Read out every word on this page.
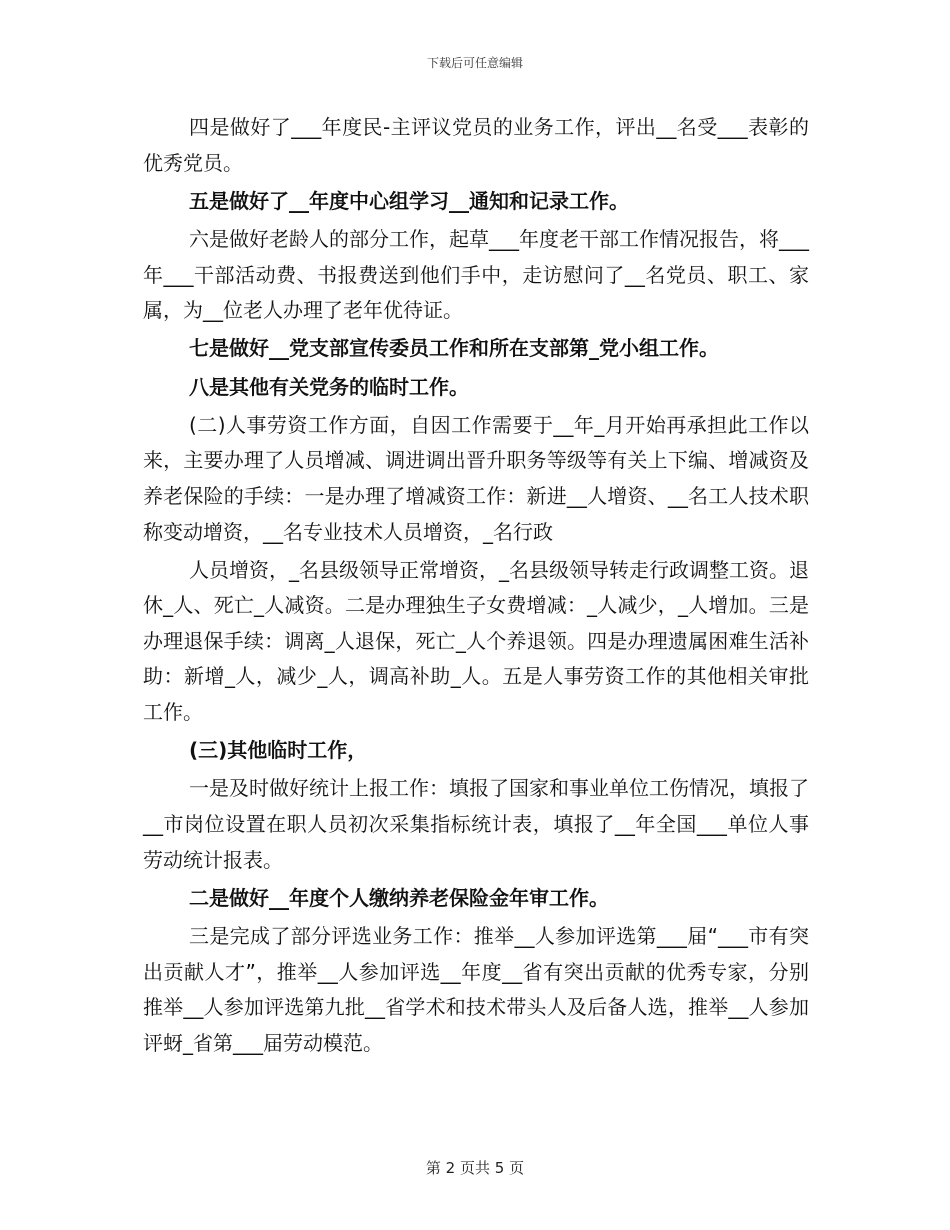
下载后可任意编辑

四是做好了___年度民-主评议党员的业务工作，评出__名受___表彰的优秀党员。

五是做好了__年度中心组学习__通知和记录工作。

六是做好老龄人的部分工作，起草___年度老干部工作情况报告，将___年___干部活动费、书报费送到他们手中，走访慰问了__名党员、职工、家属，为__位老人办理了老年优待证。

七是做好__党支部宣传委员工作和所在支部第_党小组工作。

八是其他有关党务的临时工作。

(二)人事劳资工作方面，自因工作需要于__年_月开始再承担此工作以来，主要办理了人员增减、调进调出晋升职务等级等有关上下编、增减资及养老保险的手续：一是办理了增减资工作：新进__人增资、__名工人技术职称变动增资，__名专业技术人员增资，_名行政

人员增资，_名县级领导正常增资，_名县级领导转走行政调整工资。退休_人、死亡_人减资。二是办理独生子女费增减：_人减少，_人增加。三是办理退保手续：调离_人退保，死亡_人个养退领。四是办理遗属困难生活补助：新增_人，减少_人，调高补助_人。五是人事劳资工作的其他相关审批工作。

(三)其他临时工作，

一是及时做好统计上报工作：填报了国家和事业单位工伤情况，填报了__市岗位设置在职人员初次采集指标统计表，填报了__年全国___单位人事劳动统计报表。

二是做好__年度个人缴纳养老保险金年审工作。

三是完成了部分评选业务工作：推举__人参加评选第___届“___市有突出贡献人才”，推举__人参加评选__年度__省有突出贡献的优秀专家，分别推举__人参加评选第九批__省学术和技术带头人及后备人选，推举__人参加评蚜_省第___届劳动模范。

第 2 页共 5 页
